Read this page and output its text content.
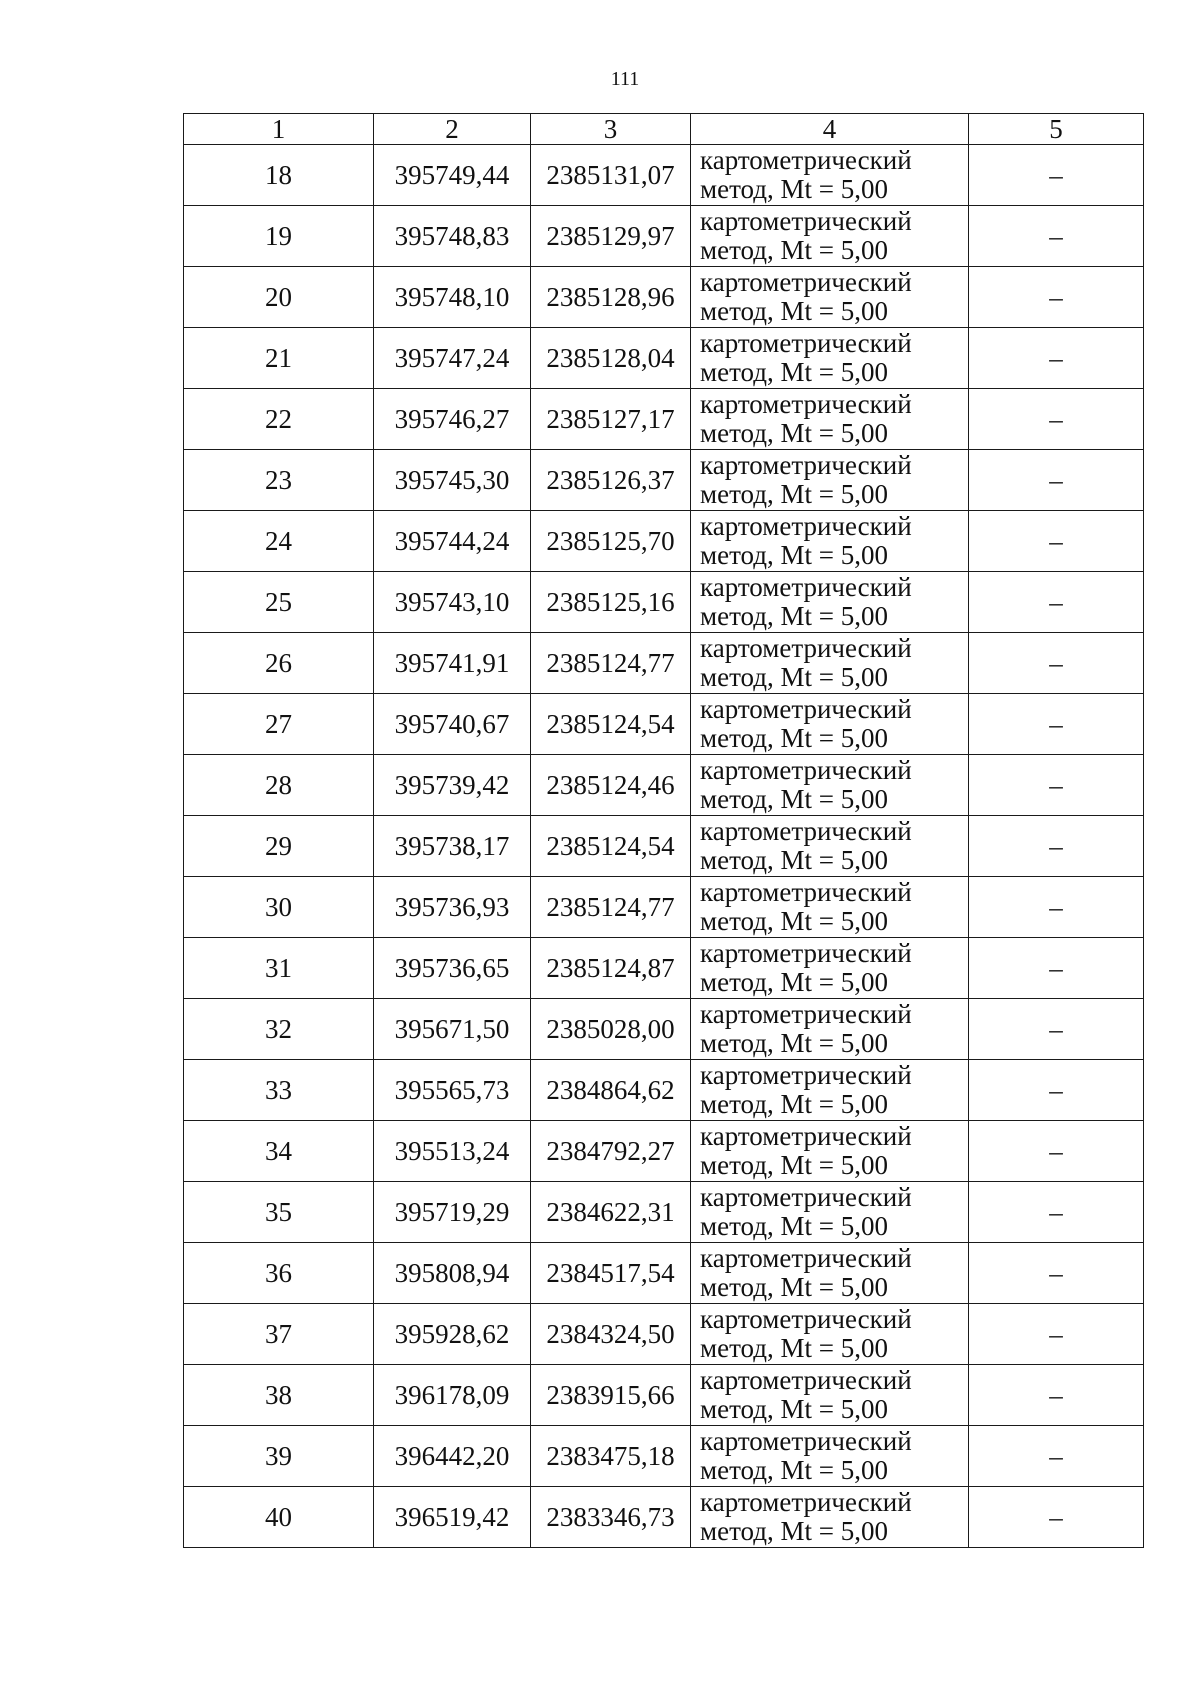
111
1	2	3	4	5
18	395749,44	2385131,07	картометрический
метод, Mt = 5,00	–
19	395748,83	2385129,97	картометрический
метод, Mt = 5,00	–
20	395748,10	2385128,96	картометрический
метод, Mt = 5,00	–
21	395747,24	2385128,04	картометрический
метод, Mt = 5,00	–
22	395746,27	2385127,17	картометрический
метод, Mt = 5,00	–
23	395745,30	2385126,37	картометрический
метод, Mt = 5,00	–
24	395744,24	2385125,70	картометрический
метод, Mt = 5,00	–
25	395743,10	2385125,16	картометрический
метод, Mt = 5,00	–
26	395741,91	2385124,77	картометрический
метод, Mt = 5,00	–
27	395740,67	2385124,54	картометрический
метод, Mt = 5,00	–
28	395739,42	2385124,46	картометрический
метод, Mt = 5,00	–
29	395738,17	2385124,54	картометрический
метод, Mt = 5,00	–
30	395736,93	2385124,77	картометрический
метод, Mt = 5,00	–
31	395736,65	2385124,87	картометрический
метод, Mt = 5,00	–
32	395671,50	2385028,00	картометрический
метод, Mt = 5,00	–
33	395565,73	2384864,62	картометрический
метод, Mt = 5,00	–
34	395513,24	2384792,27	картометрический
метод, Mt = 5,00	–
35	395719,29	2384622,31	картометрический
метод, Mt = 5,00	–
36	395808,94	2384517,54	картометрический
метод, Mt = 5,00	–
37	395928,62	2384324,50	картометрический
метод, Mt = 5,00	–
38	396178,09	2383915,66	картометрический
метод, Mt = 5,00	–
39	396442,20	2383475,18	картометрический
метод, Mt = 5,00	–
40	396519,42	2383346,73	картометрический
метод, Mt = 5,00	–
